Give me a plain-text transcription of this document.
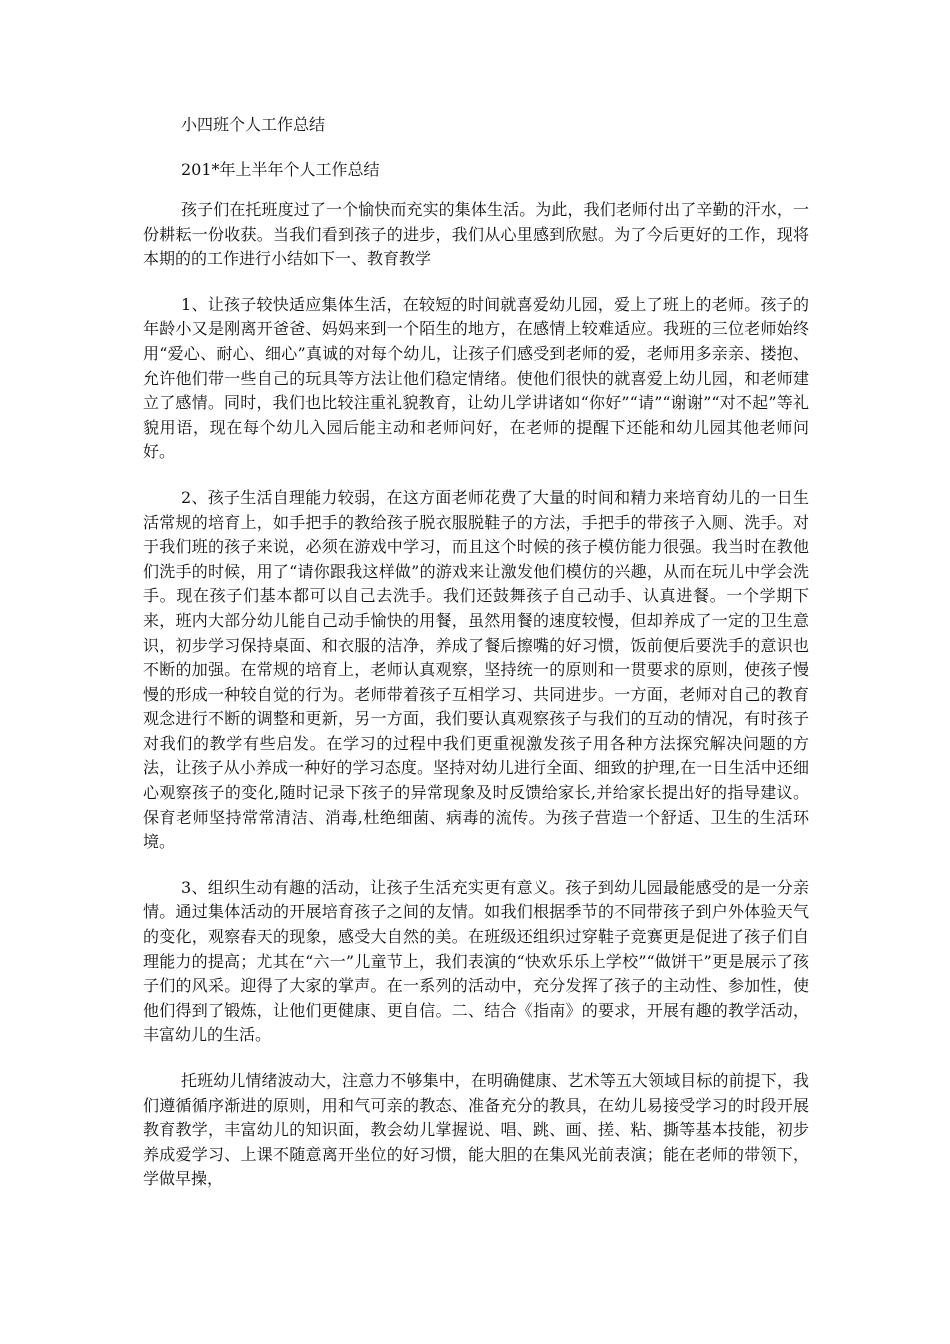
小四班个人工作总结

201*年上半年个人工作总结

孩子们在托班度过了一个愉快而充实的集体生活。为此，我们老师付出了辛勤的汗水，一份耕耘一份收获。当我们看到孩子的进步，我们从心里感到欣慰。为了今后更好的工作，现将本期的的工作进行小结如下一、教育教学

1、让孩子较快适应集体生活，在较短的时间就喜爱幼儿园，爱上了班上的老师。孩子的年龄小又是刚离开爸爸、妈妈来到一个陌生的地方，在感情上较难适应。我班的三位老师始终用“爱心、耐心、细心”真诚的对每个幼儿，让孩子们感受到老师的爱，老师用多亲亲、搂抱、允许他们带一些自己的玩具等方法让他们稳定情绪。使他们很快的就喜爱上幼儿园，和老师建立了感情。同时，我们也比较注重礼貌教育，让幼儿学讲诸如“你好”“请”“谢谢”“对不起”等礼貌用语，现在每个幼儿入园后能主动和老师问好，在老师的提醒下还能和幼儿园其他老师问好。

2、孩子生活自理能力较弱，在这方面老师花费了大量的时间和精力来培育幼儿的一日生活常规的培育上，如手把手的教给孩子脱衣服脱鞋子的方法，手把手的带孩子入厕、洗手。对于我们班的孩子来说，必须在游戏中学习，而且这个时候的孩子模仿能力很强。我当时在教他们洗手的时候，用了“请你跟我这样做”的游戏来让激发他们模仿的兴趣，从而在玩儿中学会洗手。现在孩子们基本都可以自己去洗手。我们还鼓舞孩子自己动手、认真进餐。一个学期下来，班内大部分幼儿能自己动手愉快的用餐，虽然用餐的速度较慢，但却养成了一定的卫生意识，初步学习保持桌面、和衣服的洁净，养成了餐后擦嘴的好习惯，饭前便后要洗手的意识也不断的加强。在常规的培育上，老师认真观察，坚持统一的原则和一贯要求的原则，使孩子慢慢的形成一种较自觉的行为。老师带着孩子互相学习、共同进步。一方面，老师对自己的教育观念进行不断的调整和更新，另一方面，我们要认真观察孩子与我们的互动的情况，有时孩子对我们的教学有些启发。在学习的过程中我们更重视激发孩子用各种方法探究解决问题的方法，让孩子从小养成一种好的学习态度。坚持对幼儿进行全面、细致的护理,在一日生活中还细心观察孩子的变化,随时记录下孩子的异常现象及时反馈给家长,并给家长提出好的指导建议。保育老师坚持常常清洁、消毒,杜绝细菌、病毒的流传。为孩子营造一个舒适、卫生的生活环境。

3、组织生动有趣的活动，让孩子生活充实更有意义。孩子到幼儿园最能感受的是一分亲情。通过集体活动的开展培育孩子之间的友情。如我们根据季节的不同带孩子到户外体验天气的变化，观察春天的现象，感受大自然的美。在班级还组织过穿鞋子竞赛更是促进了孩子们自理能力的提高；尤其在“六一”儿童节上，我们表演的“快欢乐乐上学校”“做饼干”更是展示了孩子们的风采。迎得了大家的掌声。在一系列的活动中，充分发挥了孩子的主动性、参加性，使他们得到了锻炼，让他们更健康、更自信。二、结合《指南》的要求，开展有趣的教学活动，丰富幼儿的生活。

托班幼儿情绪波动大，注意力不够集中，在明确健康、艺术等五大领域目标的前提下，我们遵循循序渐进的原则，用和气可亲的教态、准备充分的教具，在幼儿易接受学习的时段开展教育教学，丰富幼儿的知识面，教会幼儿掌握说、唱、跳、画、搓、粘、撕等基本技能，初步养成爱学习、上课不随意离开坐位的好习惯，能大胆的在集风光前表演；能在老师的带领下，学做早操，
